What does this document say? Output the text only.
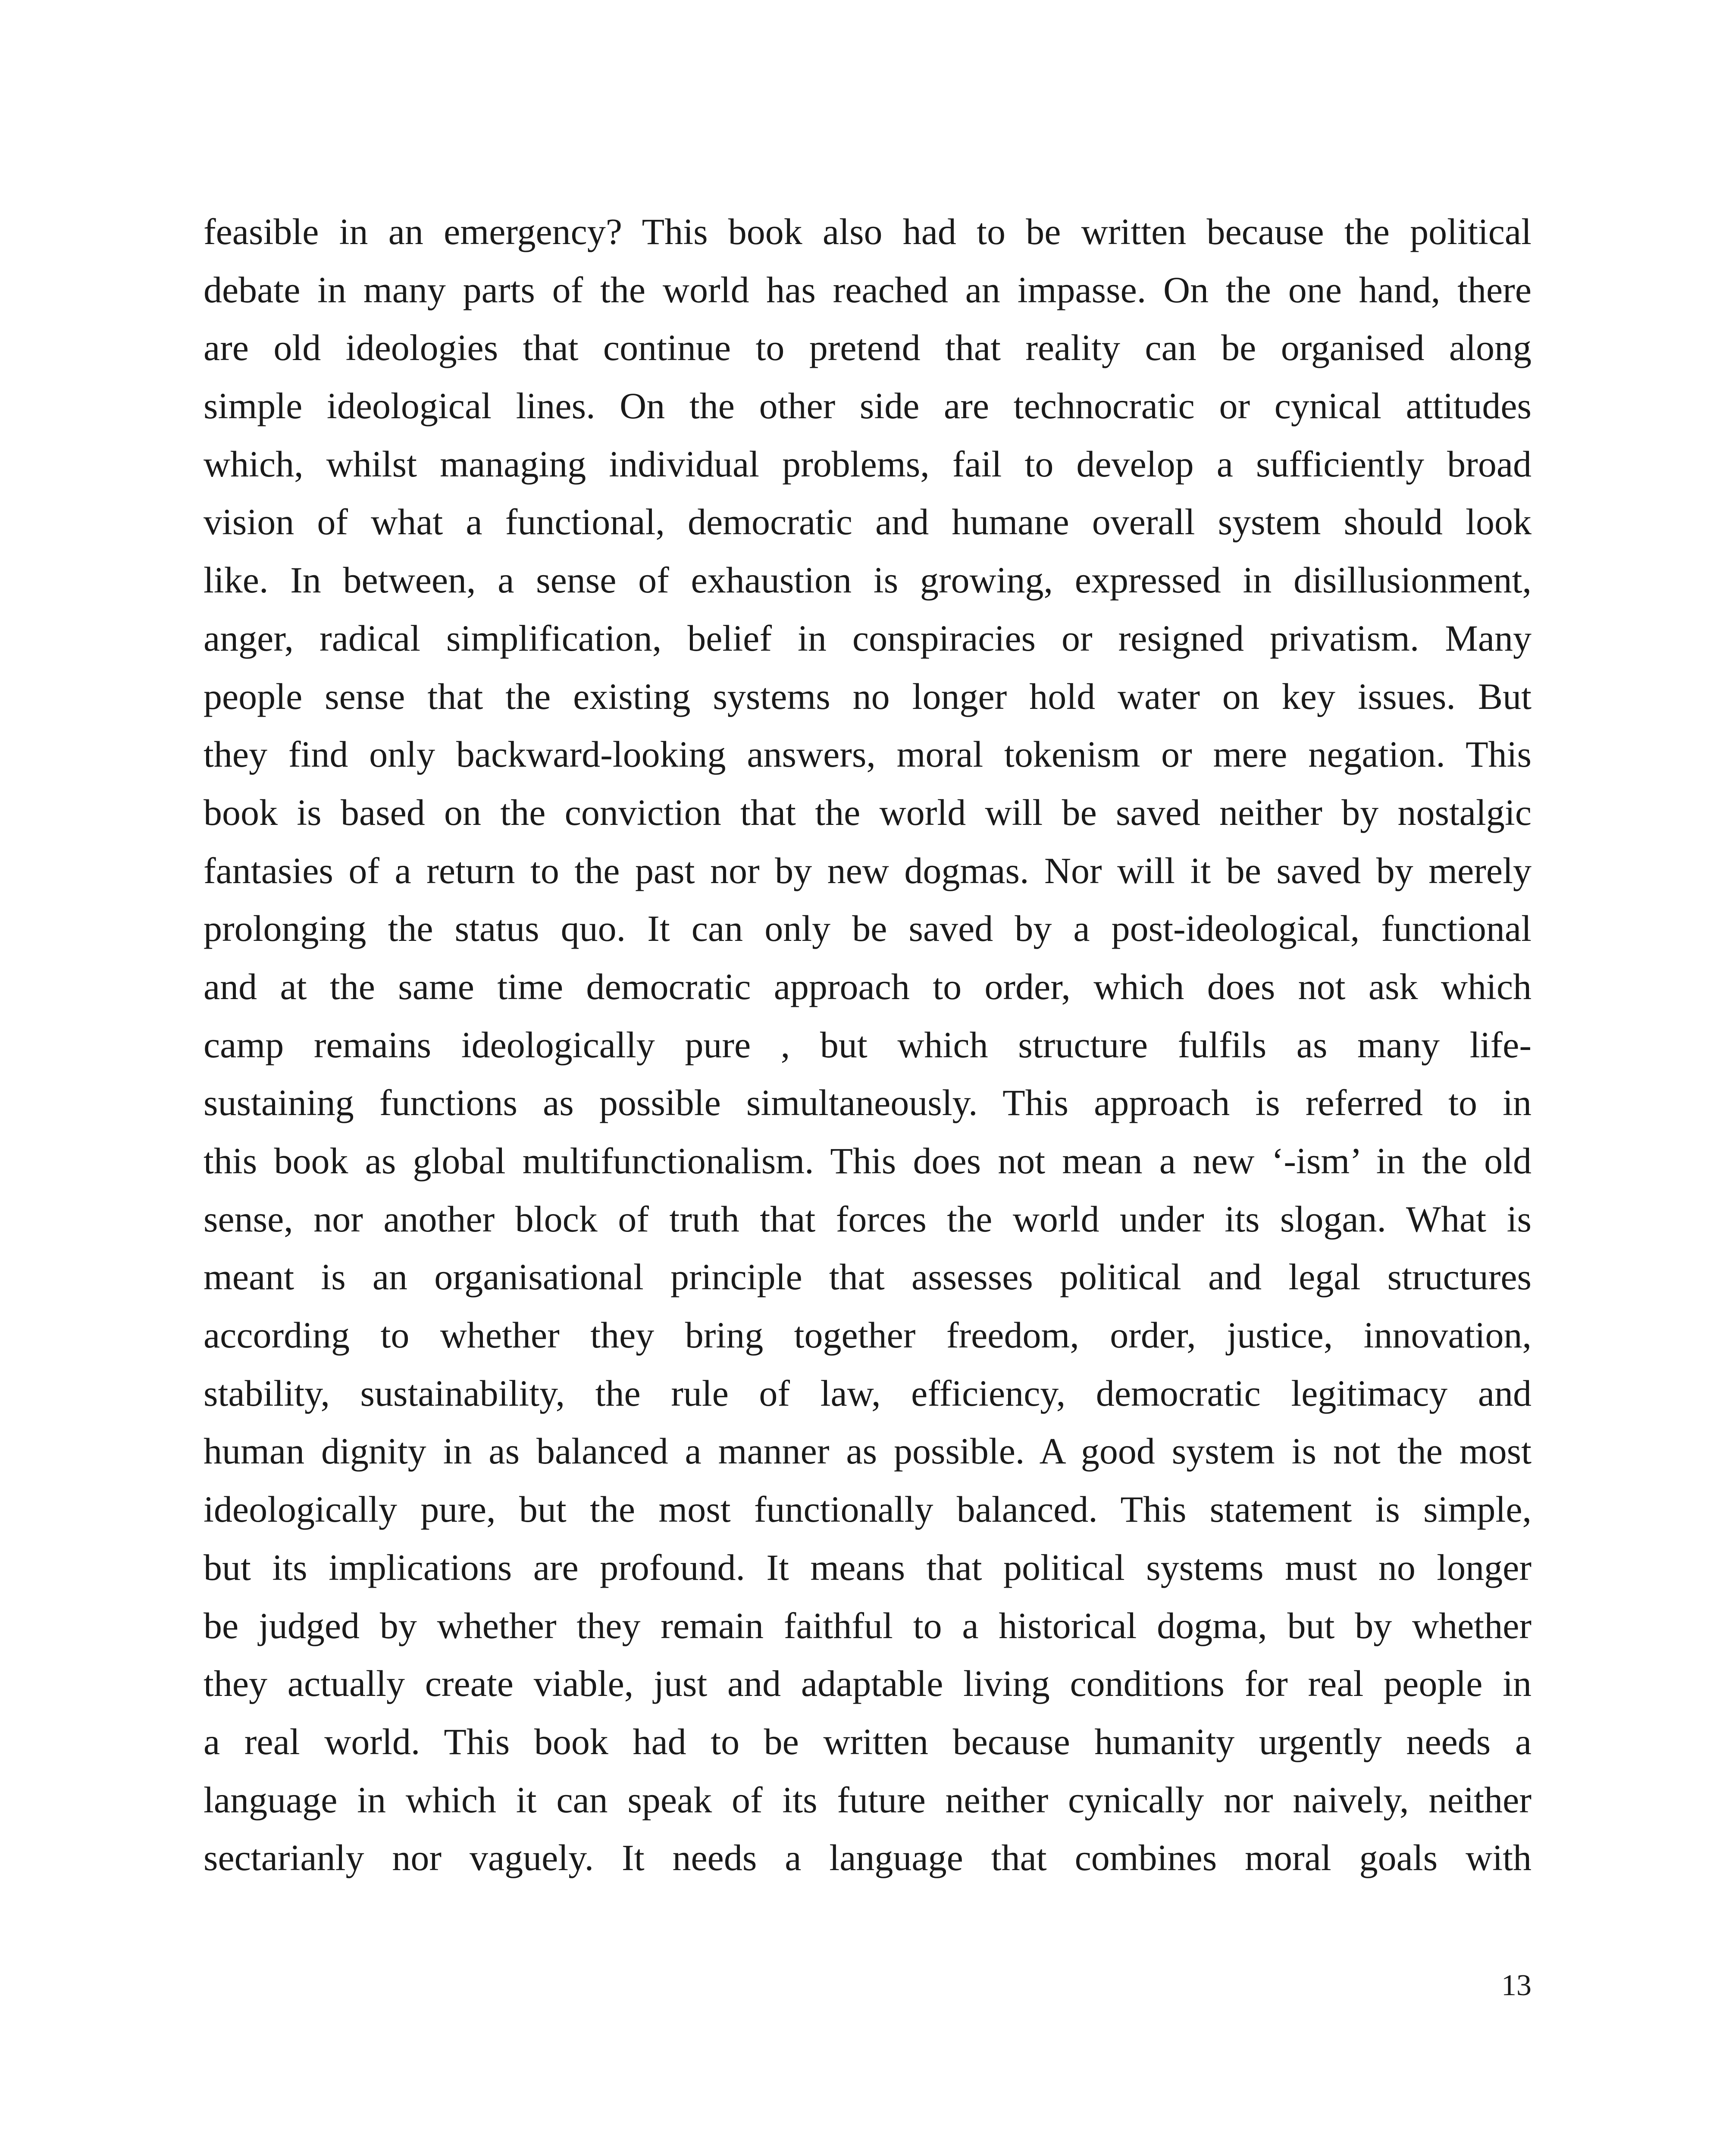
feasible in an emergency? This book also had to be written because the political
debate in many parts of the world has reached an impasse. On the one hand, there
are old ideologies that continue to pretend that reality can be organised along
simple ideological lines. On the other side are technocratic or cynical attitudes
which, whilst managing individual problems, fail to develop a sufficiently broad
vision of what a functional, democratic and humane overall system should look
like. In between, a sense of exhaustion is growing, expressed in disillusionment,
anger, radical simplification, belief in conspiracies or resigned privatism. Many
people sense that the existing systems no longer hold water on key issues. But
they find only backward-looking answers, moral tokenism or mere negation. This
book is based on the conviction that the world will be saved neither by nostalgic
fantasies of a return to the past nor by new dogmas. Nor will it be saved by merely
prolonging the status quo. It can only be saved by a post-ideological, functional
and at the same time democratic approach to order, which does not ask which
camp remains ideologically pure , but which structure fulfils as many life-
sustaining functions as possible simultaneously. This approach is referred to in
this book as global multifunctionalism. This does not mean a new ‘-ism’ in the old
sense, nor another block of truth that forces the world under its slogan. What is
meant is an organisational principle that assesses political and legal structures
according to whether they bring together freedom, order, justice, innovation,
stability, sustainability, the rule of law, efficiency, democratic legitimacy and
human dignity in as balanced a manner as possible. A good system is not the most
ideologically pure, but the most functionally balanced. This statement is simple,
but its implications are profound. It means that political systems must no longer
be judged by whether they remain faithful to a historical dogma, but by whether
they actually create viable, just and adaptable living conditions for real people in
a real world. This book had to be written because humanity urgently needs a
language in which it can speak of its future neither cynically nor naively, neither
sectarianly nor vaguely. It needs a language that combines moral goals with
13
